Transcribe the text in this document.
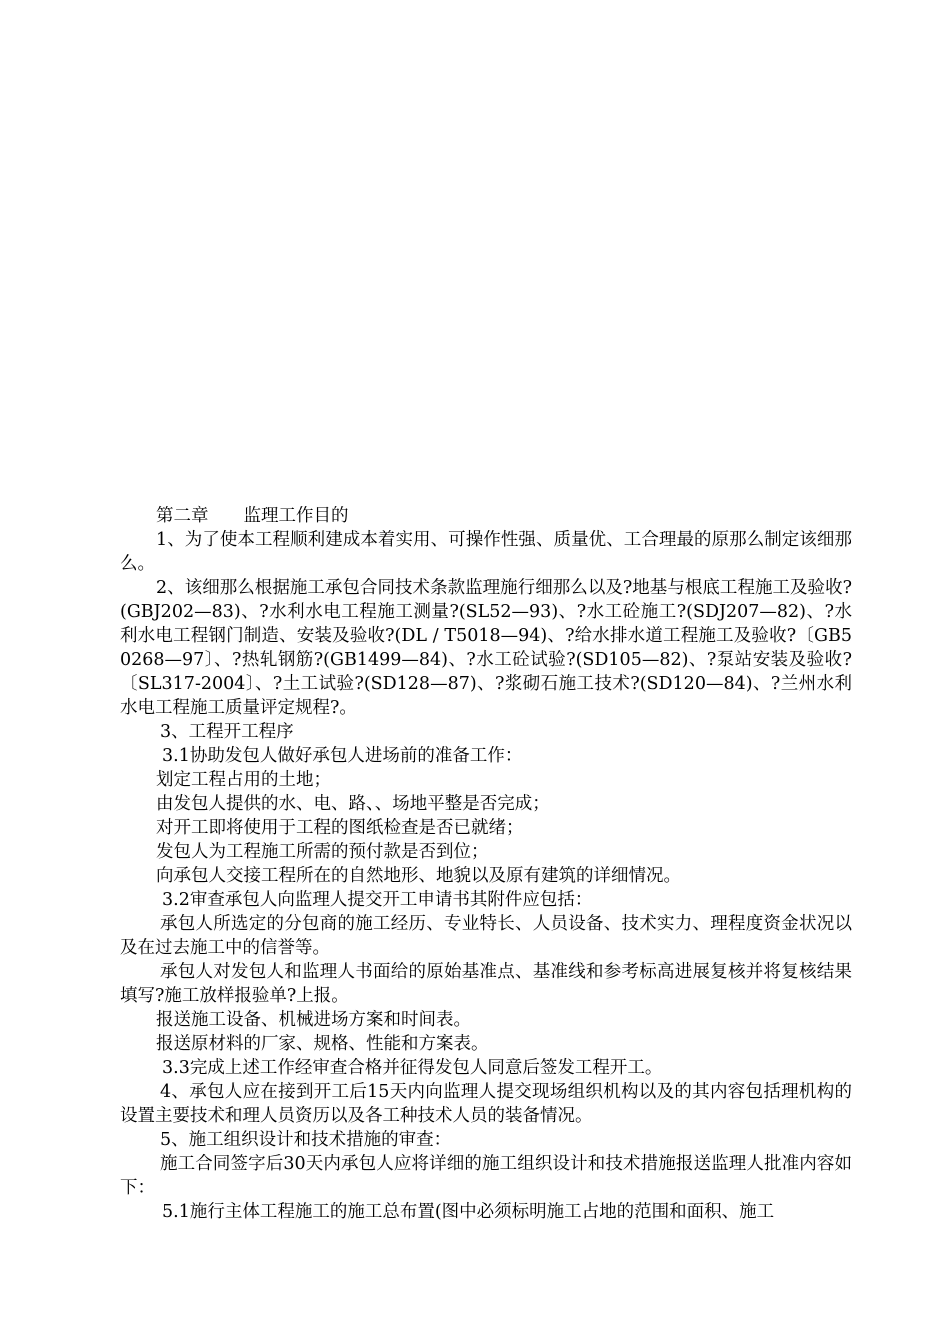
第二章　　监理工作目的

1、为了使本工程顺利建成本着实用、可操作性强、质量优、工合理最的原那么制定该细那么。

2、该细那么根据施工承包合同技术条款监理施行细那么以及?地基与根底工程施工及验收?(GBJ202—83)、?水利水电工程施工测量?(SL52—93)、?水工砼施工?(SDJ207—82)、?水利水电工程钢门制造、安装及验收?(DL / T5018—94)、?给水排水道工程施工及验收?〔GB50268—97〕、?热轧钢筋?(GB1499—84)、?水工砼试验?(SD105—82)、?泵站安装及验收?〔SL317-2004〕、?土工试验?(SD128—87)、?浆砌石施工技术?(SD120—84)、?兰州水利水电工程施工质量评定规程?。

3、工程开工程序

3.1协助发包人做好承包人进场前的准备工作：

划定工程占用的土地；

由发包人提供的水、电、路、、场地平整是否完成；

对开工即将使用于工程的图纸检查是否已就绪；

发包人为工程施工所需的预付款是否到位；

向承包人交接工程所在的自然地形、地貌以及原有建筑的详细情况。

3.2审查承包人向监理人提交开工申请书其附件应包括：

承包人所选定的分包商的施工经历、专业特长、人员设备、技术实力、理程度资金状况以及在过去施工中的信誉等。

承包人对发包人和监理人书面给的原始基准点、基准线和参考标高进展复核并将复核结果填写?施工放样报验单?上报。

报送施工设备、机械进场方案和时间表。

报送原材料的厂家、规格、性能和方案表。

3.3完成上述工作经审查合格并征得发包人同意后签发工程开工。

4、承包人应在接到开工后15天内向监理人提交现场组织机构以及的其内容包括理机构的设置主要技术和理人员资历以及各工种技术人员的装备情况。

5、施工组织设计和技术措施的审查：

施工合同签字后30天内承包人应将详细的施工组织设计和技术措施报送监理人批准内容如下：

5.1施行主体工程施工的施工总布置(图中必须标明施工占地的范围和面积、施工
